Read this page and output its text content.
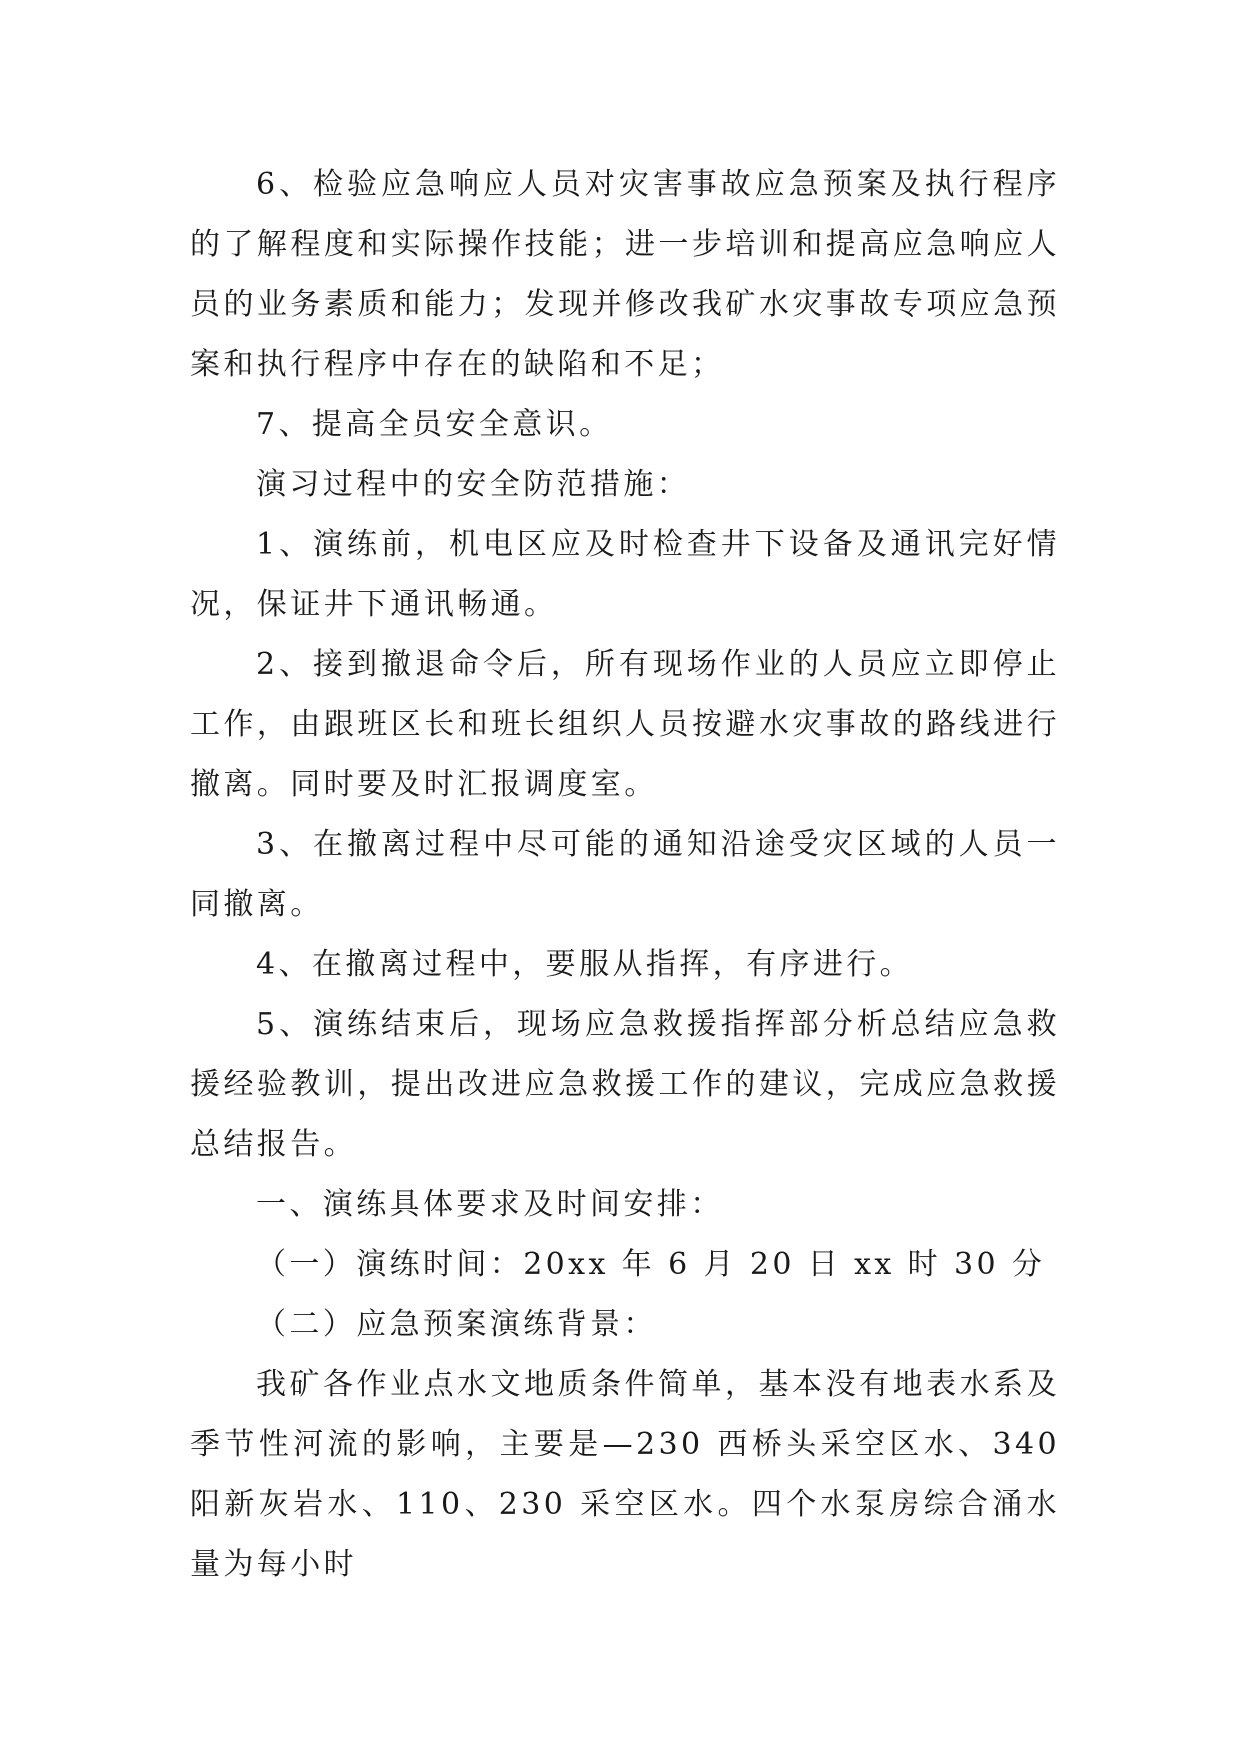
6、检验应急响应人员对灾害事故应急预案及执行程序的了解程度和实际操作技能；进一步培训和提高应急响应人员的业务素质和能力；发现并修改我矿水灾事故专项应急预案和执行程序中存在的缺陷和不足；

7、提高全员安全意识。

演习过程中的安全防范措施：

1、演练前，机电区应及时检查井下设备及通讯完好情况，保证井下通讯畅通。

2、接到撤退命令后，所有现场作业的人员应立即停止工作，由跟班区长和班长组织人员按避水灾事故的路线进行撤离。同时要及时汇报调度室。

3、在撤离过程中尽可能的通知沿途受灾区域的人员一同撤离。

4、在撤离过程中，要服从指挥，有序进行。

5、演练结束后，现场应急救援指挥部分析总结应急救援经验教训，提出改进应急救援工作的建议，完成应急救援总结报告。

一、演练具体要求及时间安排：

（一）演练时间：20xx 年 6 月 20 日 xx 时 30 分

（二）应急预案演练背景：

我矿各作业点水文地质条件简单，基本没有地表水系及季节性河流的影响，主要是—230 西桥头采空区水、340 阳新灰岩水、110、230 采空区水。四个水泵房综合涌水量为每小时
